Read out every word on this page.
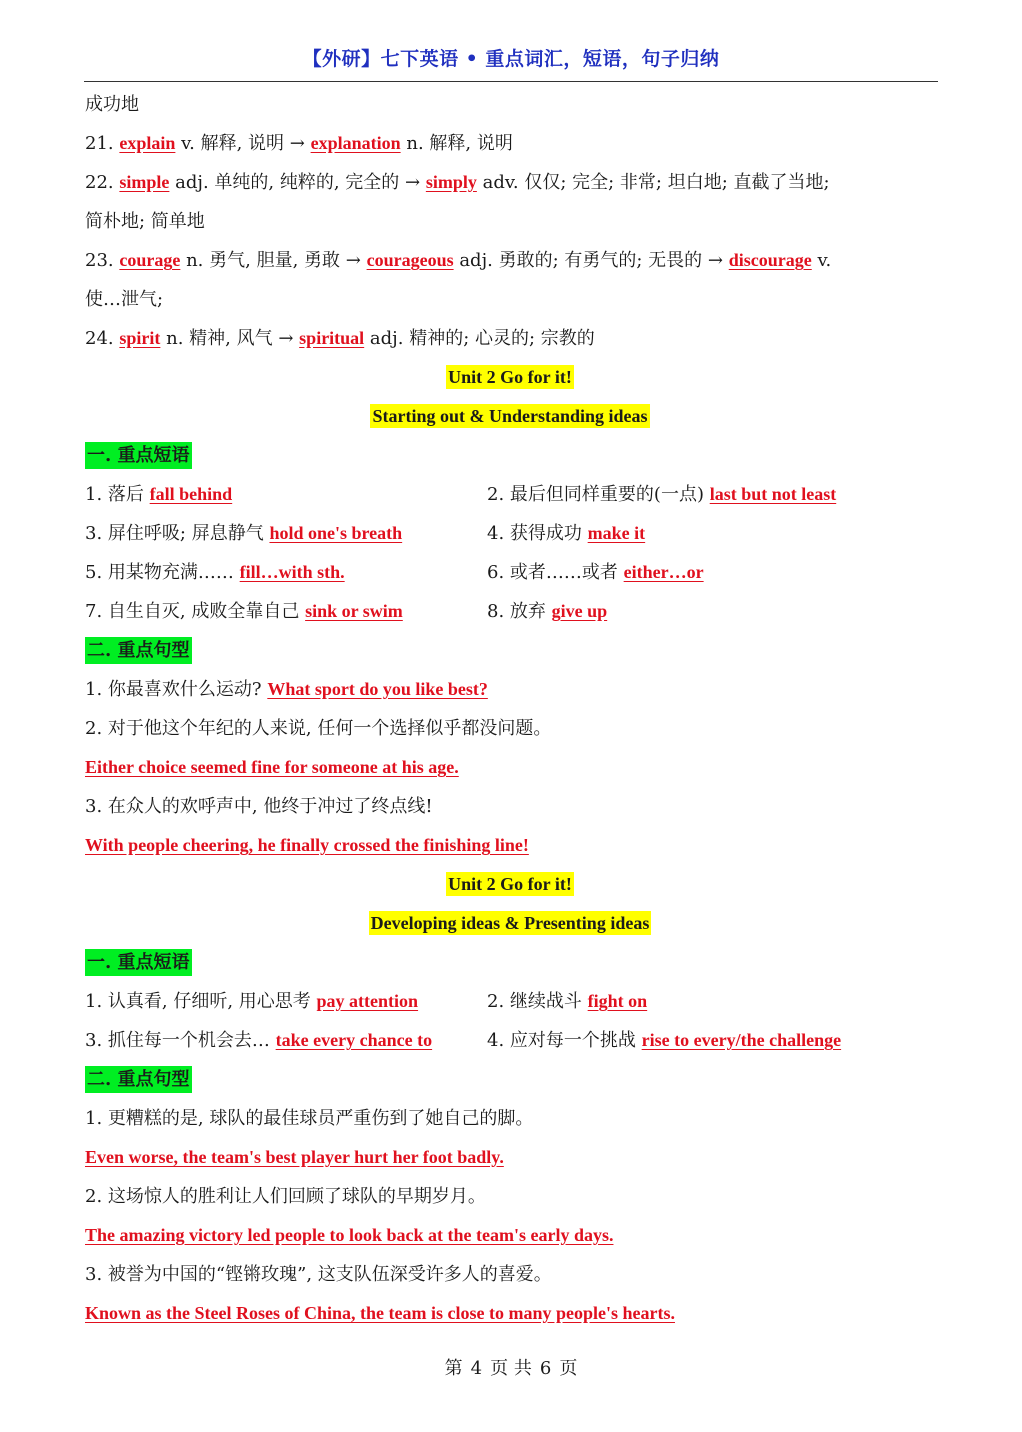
【外研】七下英语 • 重点词汇，短语，句子归纳
成功地
21. explain v. 解释, 说明 → explanation n. 解释, 说明
22. simple adj. 单纯的, 纯粹的, 完全的 → simply adv. 仅仅; 完全; 非常; 坦白地; 直截了当地;
简朴地; 简单地
23. courage n. 勇气, 胆量, 勇敢 → courageous adj. 勇敢的; 有勇气的; 无畏的 → discourage v.
使…泄气;
24. spirit n. 精神, 风气 → spiritual adj. 精神的; 心灵的; 宗教的
Unit 2 Go for it!
Starting out & Understanding ideas
一. 重点短语
1. 落后 fall behind	2. 最后但同样重要的(一点) last but not least
3. 屏住呼吸; 屏息静气 hold one's breath	4. 获得成功 make it
5. 用某物充满…… fill…with sth.	6. 或者……或者 either…or
7. 自生自灭, 成败全靠自己 sink or swim	8. 放弃 give up
二. 重点句型
1. 你最喜欢什么运动? What sport do you like best?
2. 对于他这个年纪的人来说, 任何一个选择似乎都没问题。
Either choice seemed fine for someone at his age.
3. 在众人的欢呼声中, 他终于冲过了终点线!
With people cheering, he finally crossed the finishing line!
Unit 2 Go for it!
Developing ideas & Presenting ideas
一. 重点短语
1. 认真看, 仔细听, 用心思考 pay attention	2. 继续战斗 fight on
3. 抓住每一个机会去… take every chance to	4. 应对每一个挑战 rise to every/the challenge
二. 重点句型
1. 更糟糕的是, 球队的最佳球员严重伤到了她自己的脚。
Even worse, the team's best player hurt her foot badly.
2. 这场惊人的胜利让人们回顾了球队的早期岁月。
The amazing victory led people to look back at the team's early days.
3. 被誉为中国的“铿锵玫瑰”, 这支队伍深受许多人的喜爱。
Known as the Steel Roses of China, the team is close to many people's hearts.
第 4 页 共 6 页
